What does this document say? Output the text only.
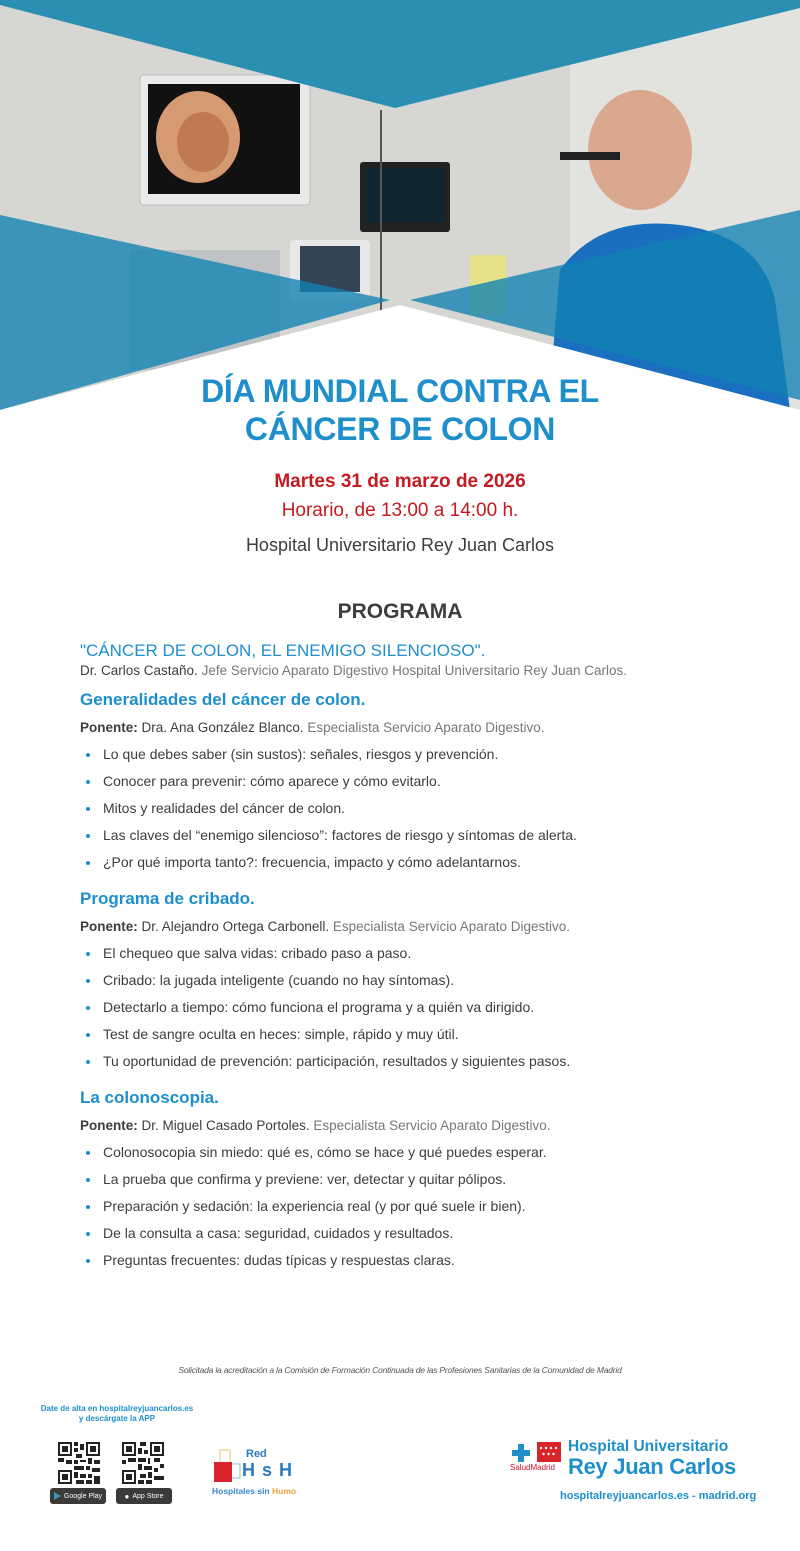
DÍA MUNDIAL CONTRA EL
CÁNCER DE COLON
Martes 31 de marzo de 2026
Horario, de 13:00 a 14:00 h.
Hospital Universitario Rey Juan Carlos
PROGRAMA
"CÁNCER DE COLON, EL ENEMIGO SILENCIOSO".
Dr. Carlos Castaño. Jefe Servicio Aparato Digestivo Hospital Universitario Rey Juan Carlos.
Generalidades del cáncer de colon.
Ponente: Dra. Ana González Blanco. Especialista Servicio Aparato Digestivo.
Lo que debes saber (sin sustos): señales, riesgos y prevención.
Conocer para prevenir: cómo aparece y cómo evitarlo.
Mitos y realidades del cáncer de colon.
Las claves del “enemigo silencioso”: factores de riesgo y síntomas de alerta.
¿Por qué importa tanto?: frecuencia, impacto y cómo adelantarnos.
Programa de cribado.
Ponente: Dr. Alejandro Ortega Carbonell. Especialista Servicio Aparato Digestivo.
El chequeo que salva vidas: cribado paso a paso.
Cribado: la jugada inteligente (cuando no hay síntomas).
Detectarlo a tiempo: cómo funciona el programa y a quién va dirigido.
Test de sangre oculta en heces: simple, rápido y muy útil.
Tu oportunidad de prevención: participación, resultados y siguientes pasos.
La colonoscopia.
Ponente: Dr. Miguel Casado Portoles. Especialista Servicio Aparato Digestivo.
Colonosocopia sin miedo: qué es, cómo se hace y qué puedes esperar.
La prueba que confirma y previene: ver, detectar y quitar pólipos.
Preparación y sedación: la experiencia real (y por qué suele ir bien).
De la consulta a casa: seguridad, cuidados y resultados.
Preguntas frecuentes: dudas típicas y respuestas claras.
Solicitada la acreditación a la Comisión de Formación Continuada de las Profesiones Sanitarias de la Comunidad de Madrid
Date de alta en hospitalreyjuancarlos.es
y descárgate la APP
Google Play	● App Store
Red
H s H
Hospitales sin Humo
SaludMadrid
Hospital Universitario
Rey Juan Carlos
hospitalreyjuancarlos.es - madrid.org
